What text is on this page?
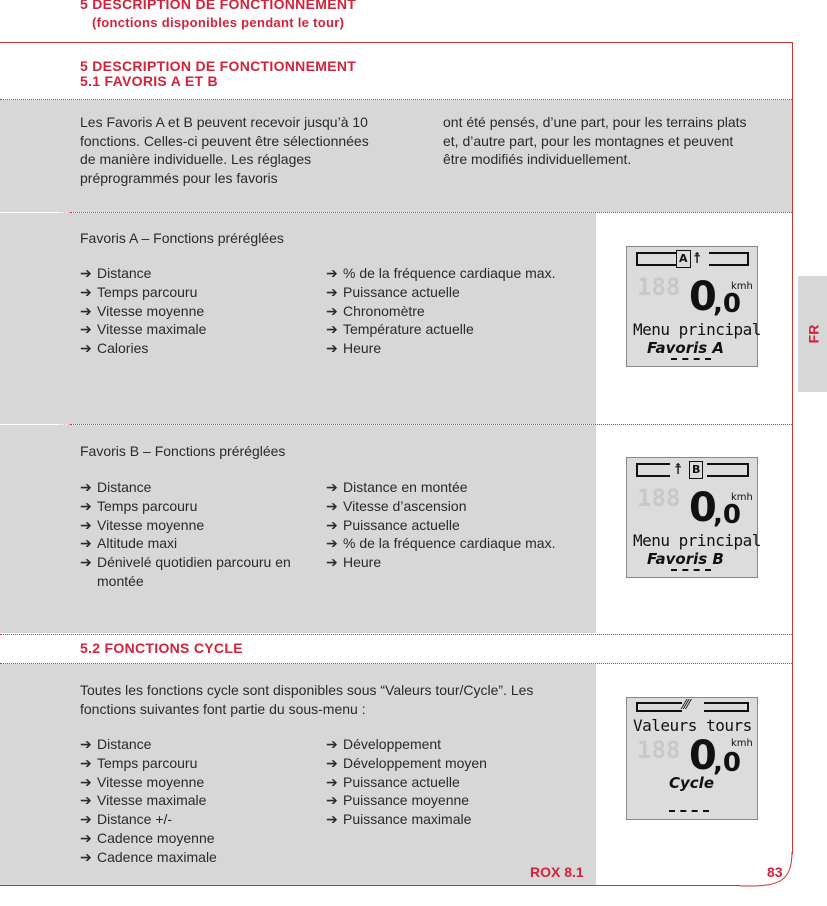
5 DESCRIPTION DE FONCTIONNEMENT
(fonctions disponibles pendant le tour)
5 DESCRIPTION DE FONCTIONNEMENT
5.1 FAVORIS A ET B
Les Favoris A et B peuvent recevoir jusqu’à 10 fonctions. Celles-ci peuvent être sélectionnées de manière individuelle. Les réglages préprogrammés pour les favoris
ont été pensés, d’une part, pour les terrains plats et, d’autre part, pour les montagnes et peuvent être modifiés individuellement.
Favoris A – Fonctions préréglées
➔ Distance
➔ Temps parcouru
➔ Vitesse moyenne
➔ Vitesse maximale
➔ Calories
➔ % de la fréquence cardiaque max.
➔ Puissance actuelle
➔ Chronomètre
➔ Température actuelle
➔ Heure
A ☨
188 0
,0
kmh
Menu principal
Favoris A
Favoris B – Fonctions préréglées
➔ Distance
➔ Temps parcouru
➔ Vitesse moyenne
➔ Altitude maxi
➔ Dénivelé quotidien parcouru en montée
➔ Distance en montée
➔ Vitesse d’ascension
➔ Puissance actuelle
➔ % de la fréquence cardiaque max.
➔ Heure
☨ B
188 0
,0
kmh
Menu principal
Favoris B
5.2 FONCTIONS CYCLE
Toutes les fonctions cycle sont disponibles sous “Valeurs tour/Cycle”. Les fonctions suivantes font partie du sous-menu :
➔ Distance
➔ Temps parcouru
➔ Vitesse moyenne
➔ Vitesse maximale
➔ Distance +/-
➔ Cadence moyenne
➔ Cadence maximale
➔ Développement
➔ Développement moyen
➔ Puissance actuelle
➔ Puissance moyenne
➔ Puissance maximale
⁄⁄⁄
Valeurs tours
188 0
,0
kmh
Cycle
FR
ROX 8.1	83
